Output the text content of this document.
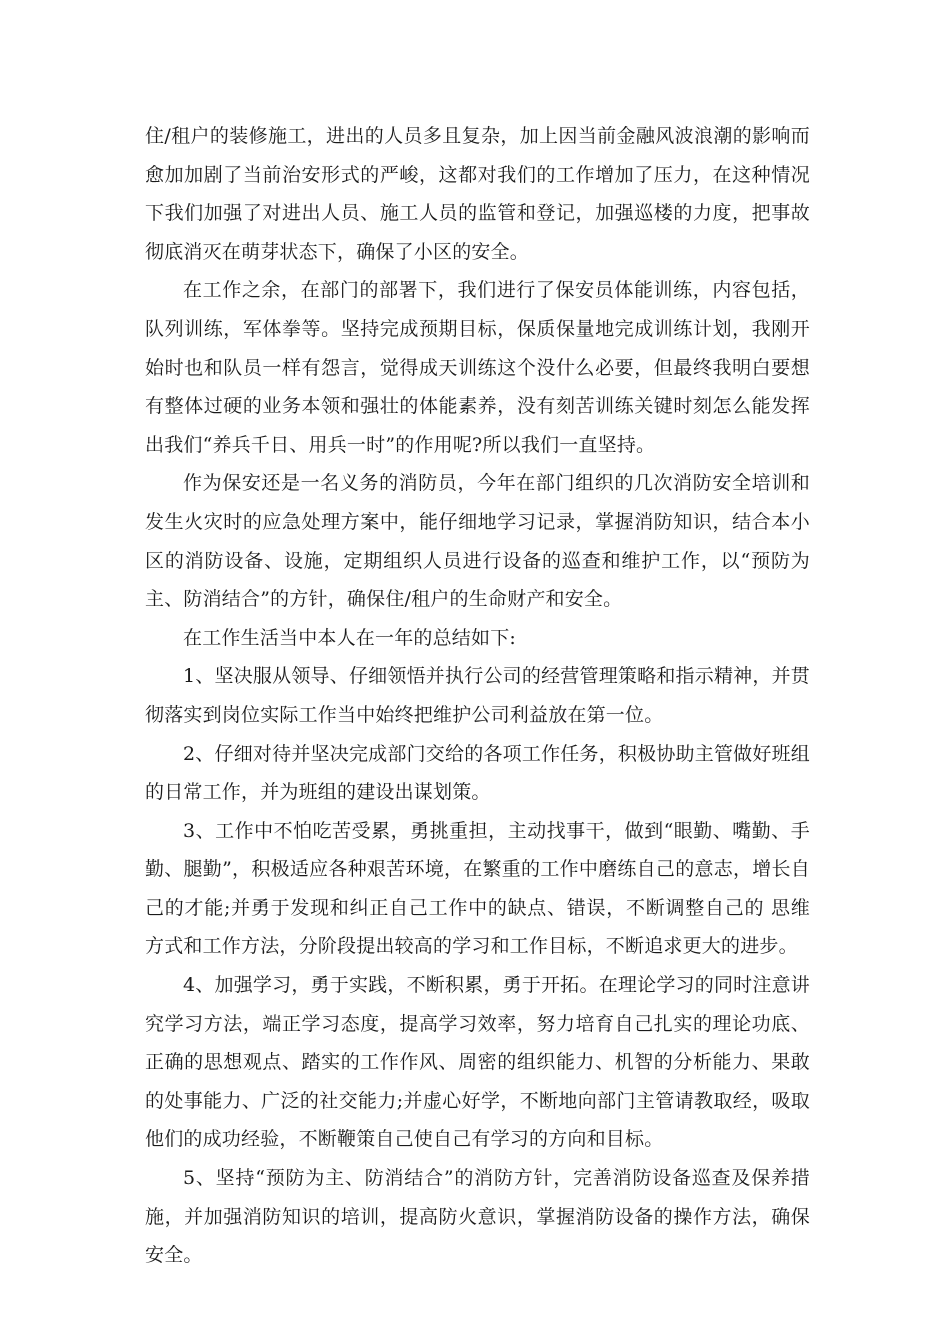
住/租户的装修施工，进出的人员多且复杂，加上因当前金融风波浪潮的影响而愈加加剧了当前治安形式的严峻，这都对我们的工作增加了压力，在这种情况下我们加强了对进出人员、施工人员的监管和登记，加强巡楼的力度，把事故彻底消灭在萌芽状态下，确保了小区的安全。

在工作之余，在部门的部署下，我们进行了保安员体能训练，内容包括，队列训练，军体拳等。坚持完成预期目标，保质保量地完成训练计划，我刚开始时也和队员一样有怨言，觉得成天训练这个没什么必要，但最终我明白要想有整体过硬的业务本领和强壮的体能素养，没有刻苦训练关键时刻怎么能发挥出我们“养兵千日、用兵一时”的作用呢?所以我们一直坚持。

作为保安还是一名义务的消防员，今年在部门组织的几次消防安全培训和发生火灾时的应急处理方案中，能仔细地学习记录，掌握消防知识，结合本小区的消防设备、设施，定期组织人员进行设备的巡查和维护工作，以“预防为主、防消结合”的方针，确保住/租户的生命财产和安全。

在工作生活当中本人在一年的总结如下:

1、坚决服从领导、仔细领悟并执行公司的经营管理策略和指示精神，并贯彻落实到岗位实际工作当中始终把维护公司利益放在第一位。

2、仔细对待并坚决完成部门交给的各项工作任务，积极协助主管做好班组的日常工作，并为班组的建设出谋划策。

3、工作中不怕吃苦受累，勇挑重担，主动找事干，做到“眼勤、嘴勤、手勤、腿勤”，积极适应各种艰苦环境，在繁重的工作中磨练自己的意志，增长自己的才能;并勇于发现和纠正自己工作中的缺点、错误，不断调整自己的 思维方式和工作方法，分阶段提出较高的学习和工作目标，不断追求更大的进步。

4、加强学习，勇于实践，不断积累，勇于开拓。在理论学习的同时注意讲究学习方法，端正学习态度，提高学习效率，努力培育自己扎实的理论功底、正确的思想观点、踏实的工作作风、周密的组织能力、机智的分析能力、果敢的处事能力、广泛的社交能力;并虚心好学，不断地向部门主管请教取经，吸取他们的成功经验，不断鞭策自己使自己有学习的方向和目标。

5、坚持“预防为主、防消结合”的消防方针，完善消防设备巡查及保养措施，并加强消防知识的培训，提高防火意识，掌握消防设备的操作方法，确保安全。
